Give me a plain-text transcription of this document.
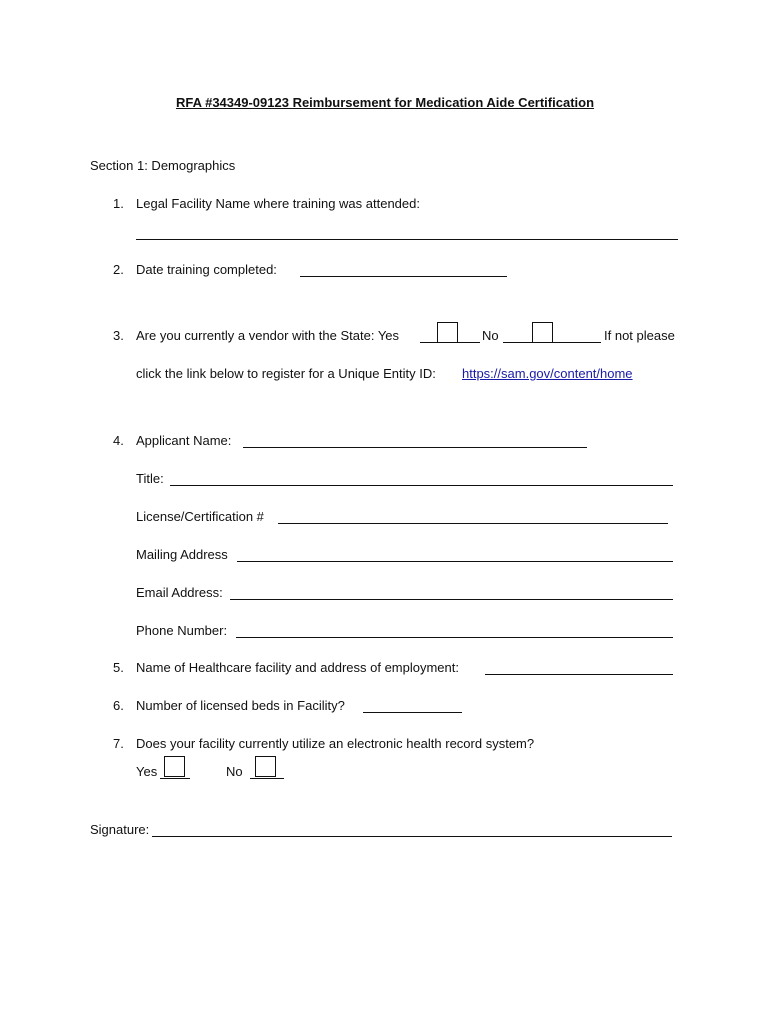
RFA #34349-09123 Reimbursement for Medication Aide Certification
Section 1: Demographics
1. Legal Facility Name where training was attended:
2. Date training completed:
3. Are you currently a vendor with the State: Yes	No	If not please
click the link below to register for a Unique Entity ID: https://sam.gov/content/home
4. Applicant Name:
Title:
License/Certification #
Mailing Address
Email Address:
Phone Number:
5. Name of Healthcare facility and address of employment:
6. Number of licensed beds in Facility?
7. Does your facility currently utilize an electronic health record system?
Yes	No
Signature:
